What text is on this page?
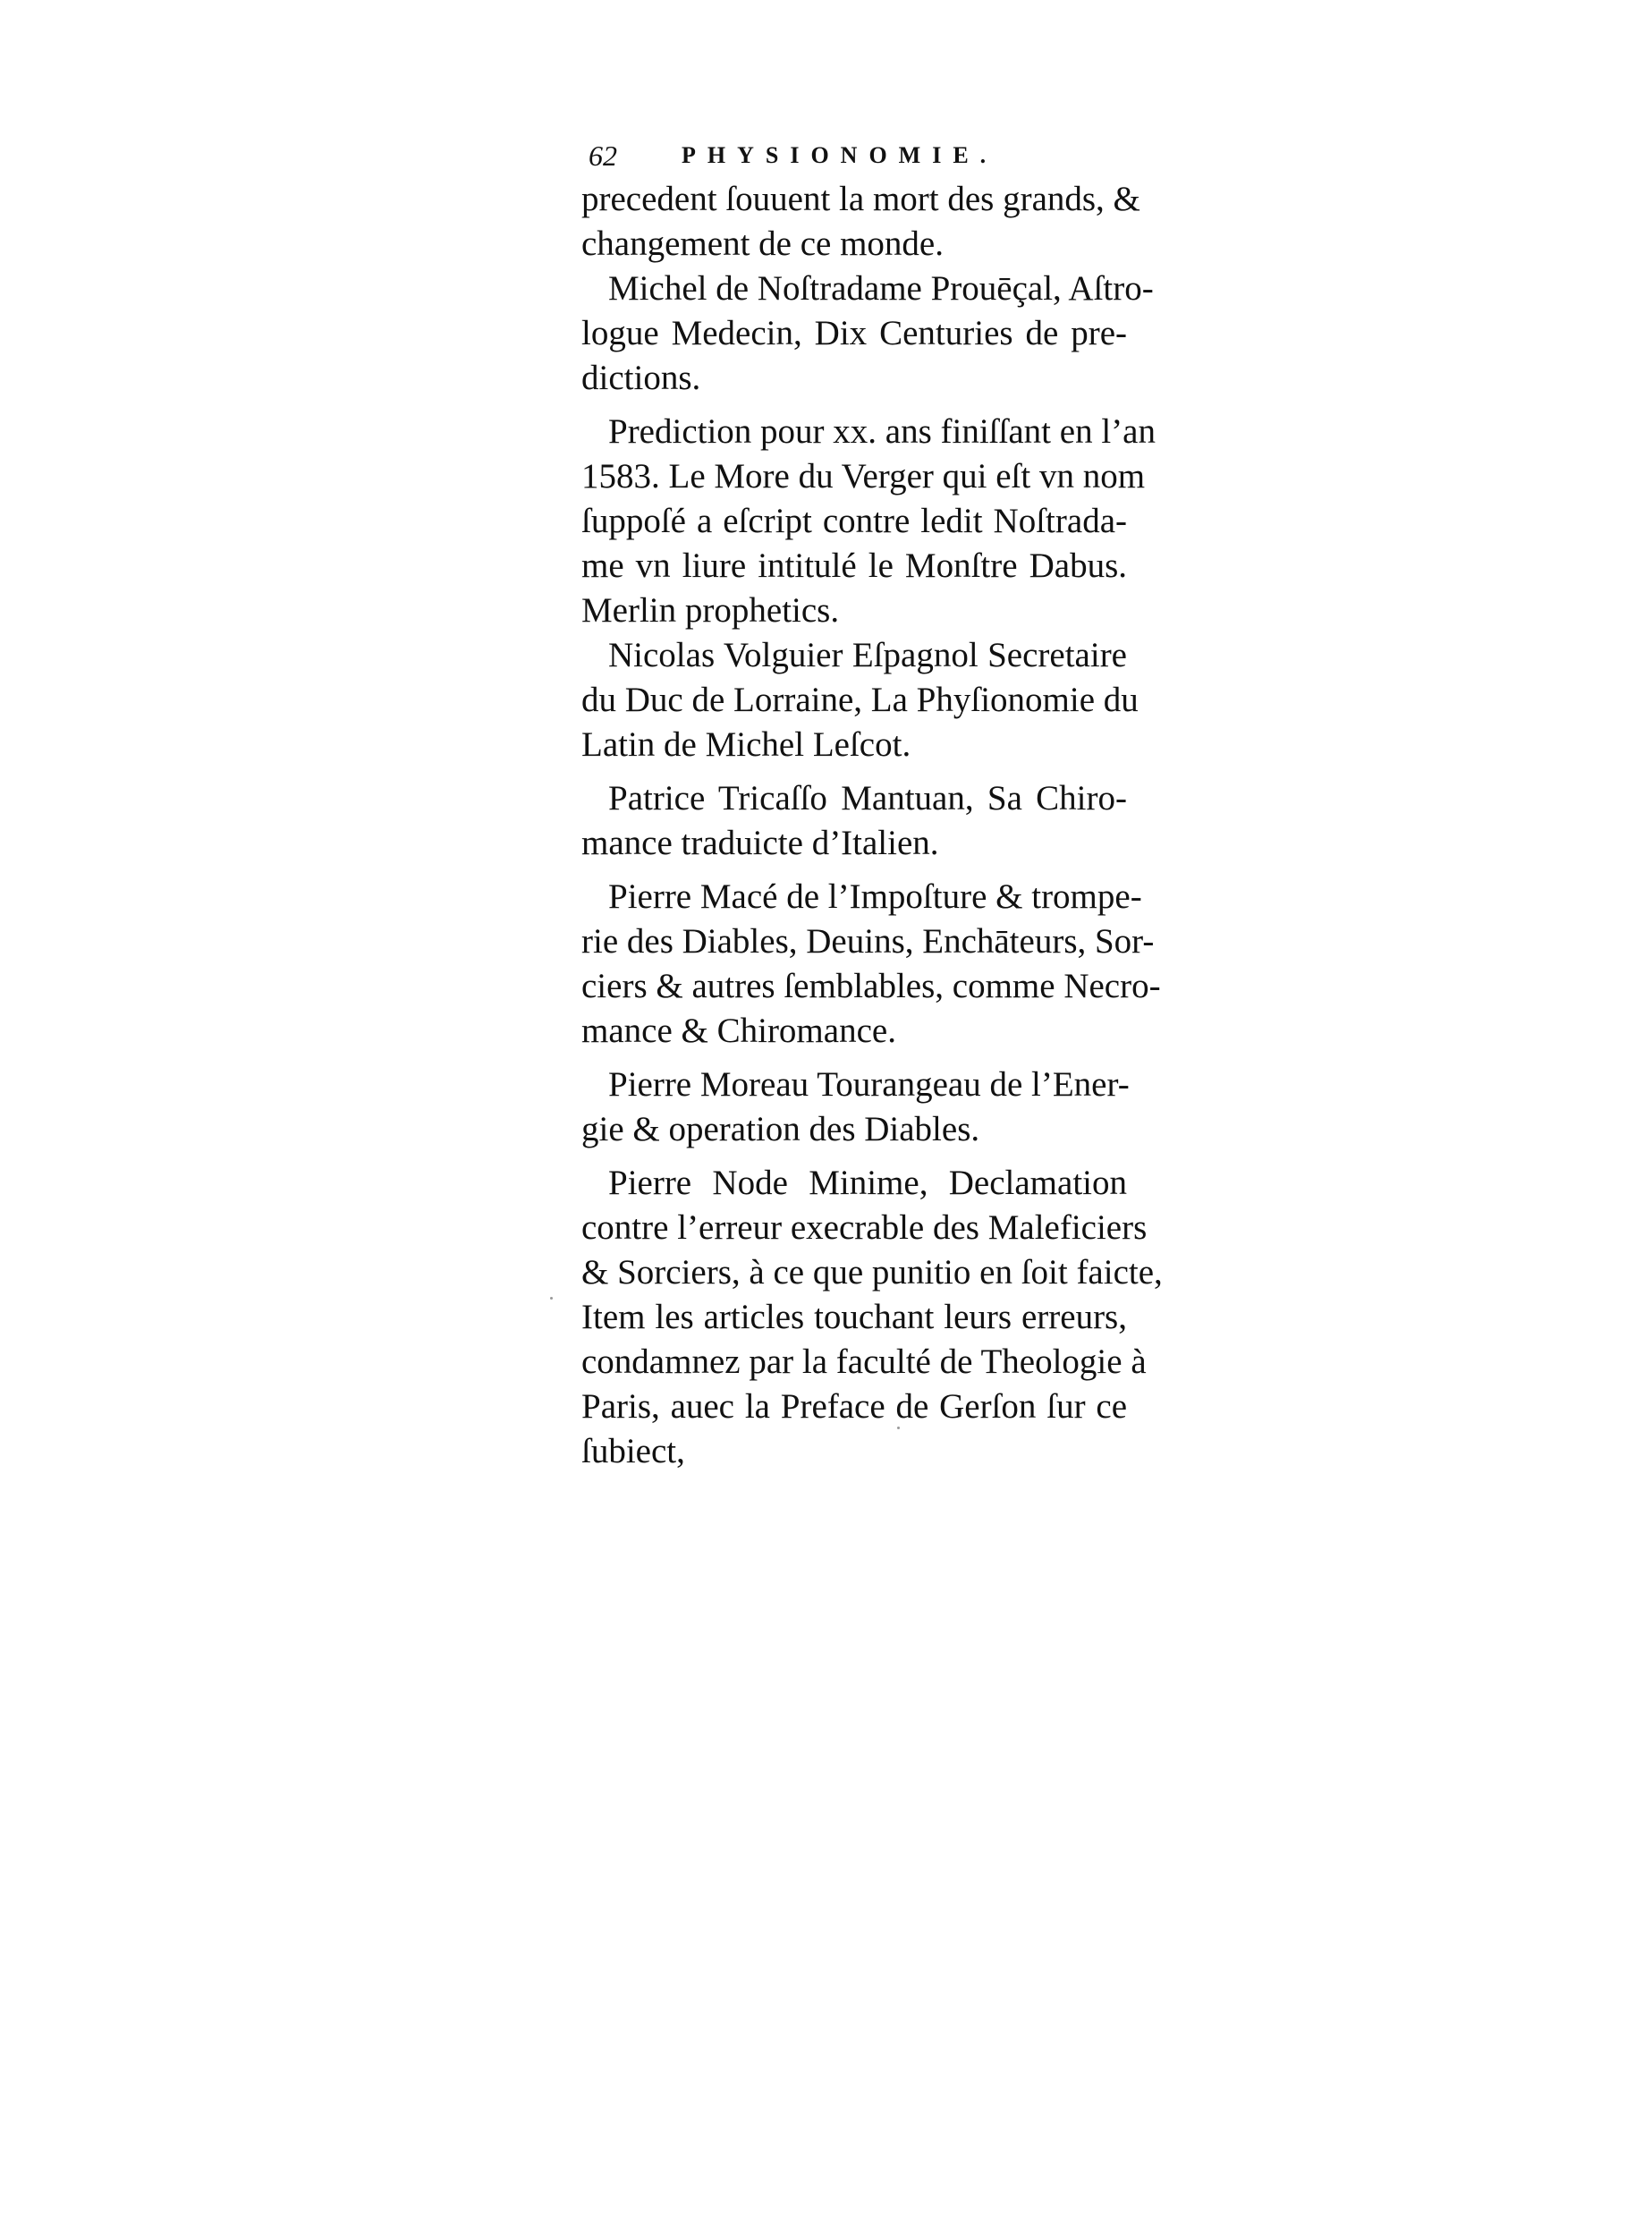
62	PHYSIONOMIE.
precedent ſouuent la mort des grands, &
changement de ce monde.
Michel de Noſtradame Prouēçal, Aſtro-
logue Medecin, Dix Centuries de pre-
dictions.
Prediction pour xx. ans finiſſant en l’an
1583. Le More du Verger qui eſt vn nom
ſuppoſé a eſcript contre ledit Noſtrada-
me vn liure intitulé le Monſtre Dabus.
Merlin prophetics.
Nicolas Volguier Eſpagnol Secretaire
du Duc de Lorraine, La Phyſionomie du
Latin de Michel Leſcot.
Patrice Tricaſſo Mantuan, Sa Chiro-
mance traduicte d’Italien.
Pierre Macé de l’Impoſture & trompe-
rie des Diables, Deuins, Enchāteurs, Sor-
ciers & autres ſemblables, comme Necro-
mance & Chiromance.
Pierre Moreau Tourangeau de l’Ener-
gie & operation des Diables.
Pierre Node Minime, Declamation
contre l’erreur execrable des Maleficiers
& Sorciers, à ce que punitio en ſoit faicte,
Item les articles touchant leurs erreurs,
condamnez par la faculté de Theologie à
Paris, auec la Preface de Gerſon ſur ce
ſubiect,
